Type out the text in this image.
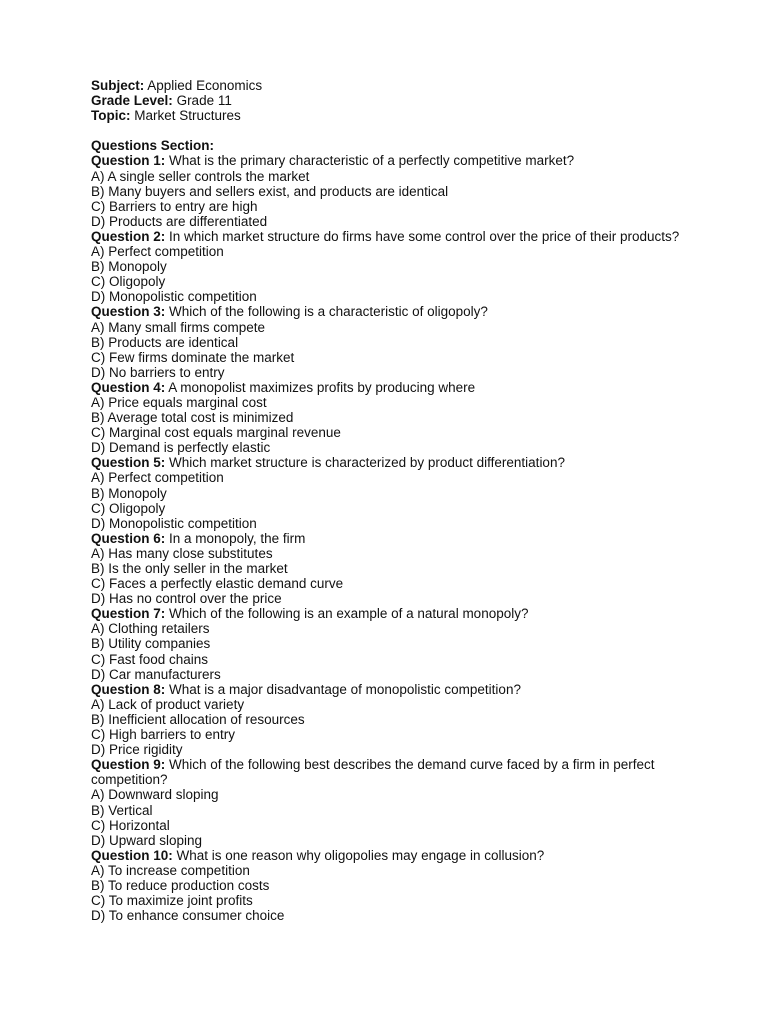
Subject: Applied Economics
Grade Level: Grade 11
Topic: Market Structures
Questions Section:
Question 1: What is the primary characteristic of a perfectly competitive market?
A) A single seller controls the market
B) Many buyers and sellers exist, and products are identical
C) Barriers to entry are high
D) Products are differentiated
Question 2: In which market structure do firms have some control over the price of their products?
A) Perfect competition
B) Monopoly
C) Oligopoly
D) Monopolistic competition
Question 3: Which of the following is a characteristic of oligopoly?
A) Many small firms compete
B) Products are identical
C) Few firms dominate the market
D) No barriers to entry
Question 4: A monopolist maximizes profits by producing where
A) Price equals marginal cost
B) Average total cost is minimized
C) Marginal cost equals marginal revenue
D) Demand is perfectly elastic
Question 5: Which market structure is characterized by product differentiation?
A) Perfect competition
B) Monopoly
C) Oligopoly
D) Monopolistic competition
Question 6: In a monopoly, the firm
A) Has many close substitutes
B) Is the only seller in the market
C) Faces a perfectly elastic demand curve
D) Has no control over the price
Question 7: Which of the following is an example of a natural monopoly?
A) Clothing retailers
B) Utility companies
C) Fast food chains
D) Car manufacturers
Question 8: What is a major disadvantage of monopolistic competition?
A) Lack of product variety
B) Inefficient allocation of resources
C) High barriers to entry
D) Price rigidity
Question 9: Which of the following best describes the demand curve faced by a firm in perfect competition?
A) Downward sloping
B) Vertical
C) Horizontal
D) Upward sloping
Question 10: What is one reason why oligopolies may engage in collusion?
A) To increase competition
B) To reduce production costs
C) To maximize joint profits
D) To enhance consumer choice
